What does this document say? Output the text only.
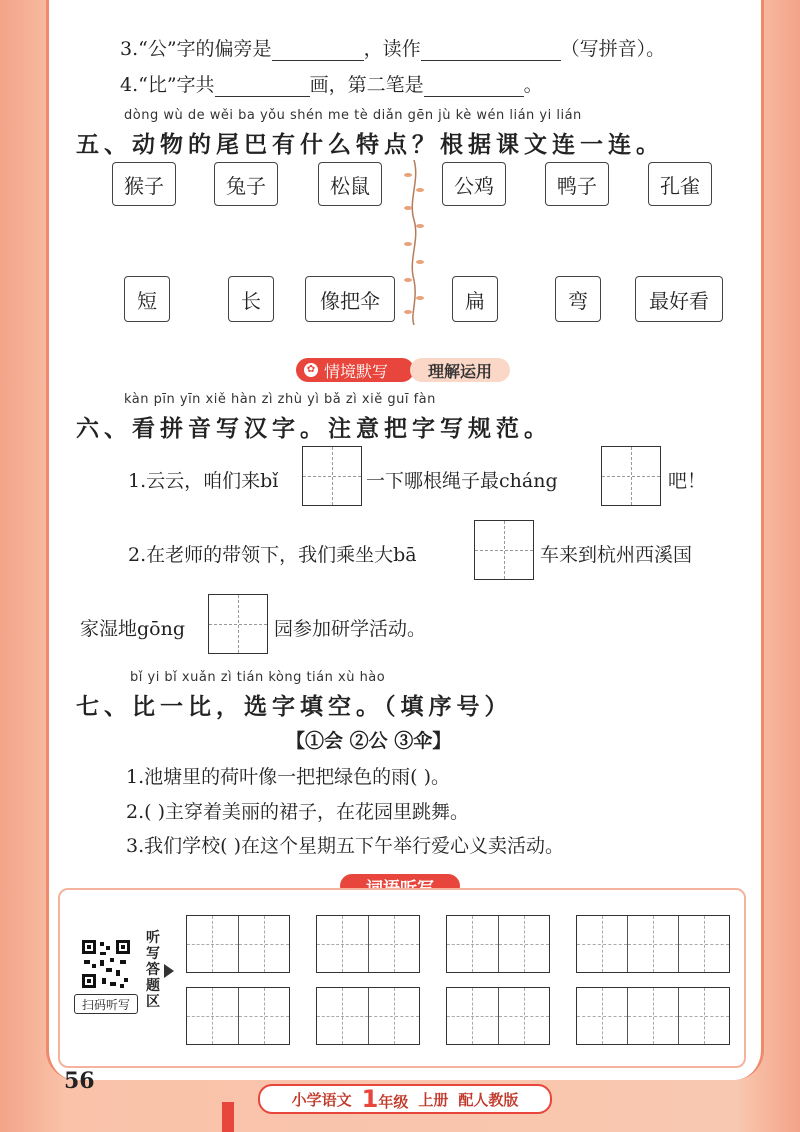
3.“公”字的偏旁是	，读作	（写拼音）。
4.“比”字共	画，第二笔是	。
dòng wù de wěi ba yǒu shén me tè diǎn gēn jù kè wén lián yi lián
五、动物的尾巴有什么特点？根据课文连一连。
猴子	兔子	松鼠	公鸡	鸭子	孔雀
短	长	像把伞	扁	弯	最好看
✿ 情境默写	理解运用
kàn pīn yīn xiě hàn zì zhù yì bǎ zì xiě guī fàn
六、看拼音写汉字。注意把字写规范。
1.云云，咱们来bǐ	一下哪根绳子最cháng	吧！
2.在老师的带领下，我们乘坐大bā	车来到杭州西溪国
家湿地gōng	园参加研学活动。
bǐ yi bǐ xuǎn zì tián kòng tián xù hào
七、比一比，选字填空。（填序号）
【①会 ②公 ③伞】
1.池塘里的荷叶像一把把绿色的雨( )。
2.( )主穿着美丽的裙子，在花园里跳舞。
3.我们学校( )在这个星期五下午举行爱心义卖活动。
扫码听写
听写答题区
56
小学语文 1年级 上册 配人教版
